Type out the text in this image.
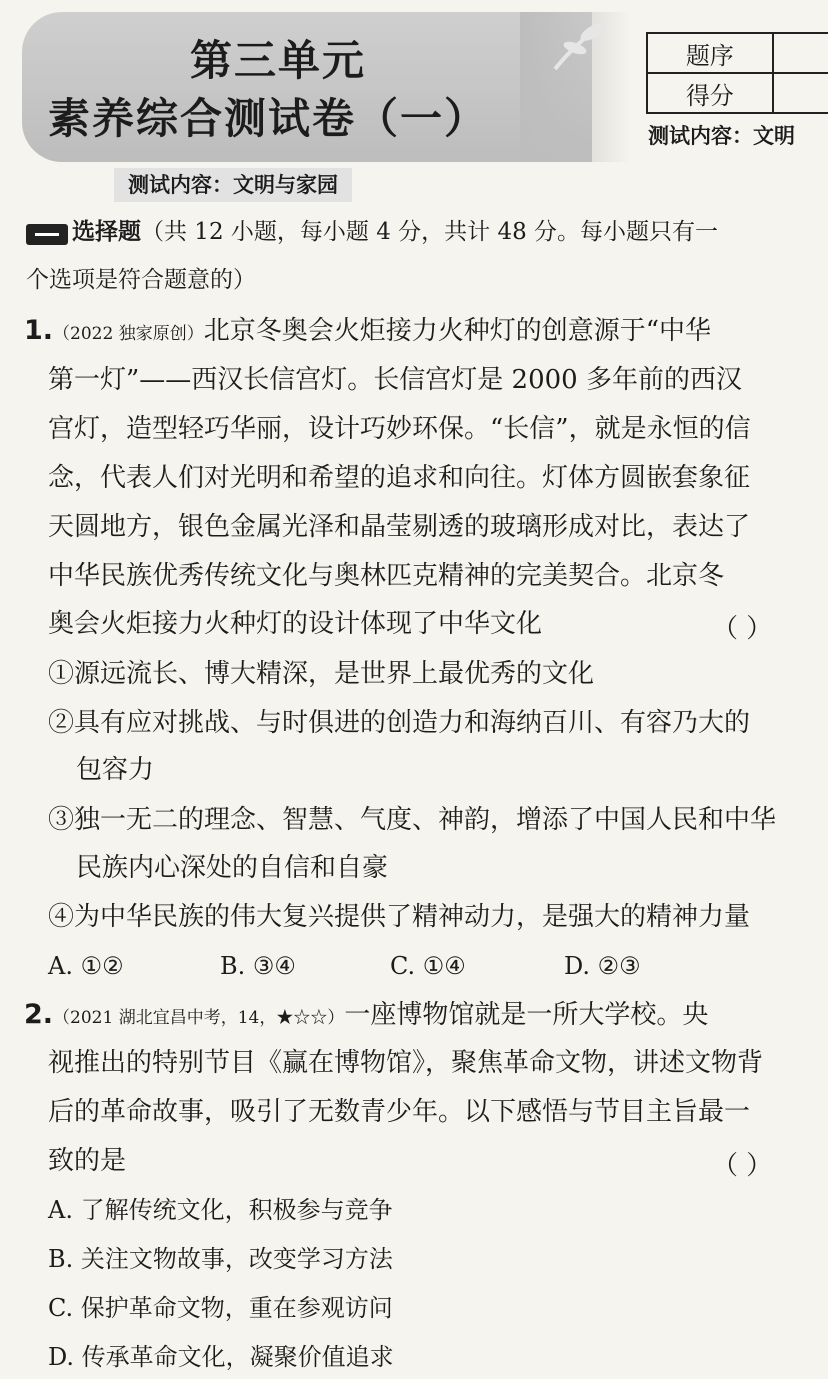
第三单元
素养综合测试卷（一）
题序	
得分	
测试内容：文明
测试内容：文明与家园
选择题（共 12 小题，每小题 4 分，共计 48 分。每小题只有一
个选项是符合题意的）
1.（2022 独家原创）北京冬奥会火炬接力火种灯的创意源于“中华
第一灯”——西汉长信宫灯。长信宫灯是 2000 多年前的西汉
宫灯，造型轻巧华丽，设计巧妙环保。“长信”，就是永恒的信
念，代表人们对光明和希望的追求和向往。灯体方圆嵌套象征
天圆地方，银色金属光泽和晶莹剔透的玻璃形成对比，表达了
中华民族优秀传统文化与奥林匹克精神的完美契合。北京冬
奥会火炬接力火种灯的设计体现了中华文化	（ ）
①源远流长、博大精深，是世界上最优秀的文化
②具有应对挑战、与时俱进的创造力和海纳百川、有容乃大的
包容力
③独一无二的理念、智慧、气度、神韵，增添了中国人民和中华
民族内心深处的自信和自豪
④为中华民族的伟大复兴提供了精神动力，是强大的精神力量
A. ①②	B. ③④	C. ①④	D. ②③
2.（2021 湖北宜昌中考，14，★☆☆）一座博物馆就是一所大学校。央
视推出的特别节目《赢在博物馆》，聚焦革命文物，讲述文物背
后的革命故事，吸引了无数青少年。以下感悟与节目主旨最一
致的是	（ ）
A. 了解传统文化，积极参与竞争
B. 关注文物故事，改变学习方法
C. 保护革命文物，重在参观访问
D. 传承革命文化，凝聚价值追求
